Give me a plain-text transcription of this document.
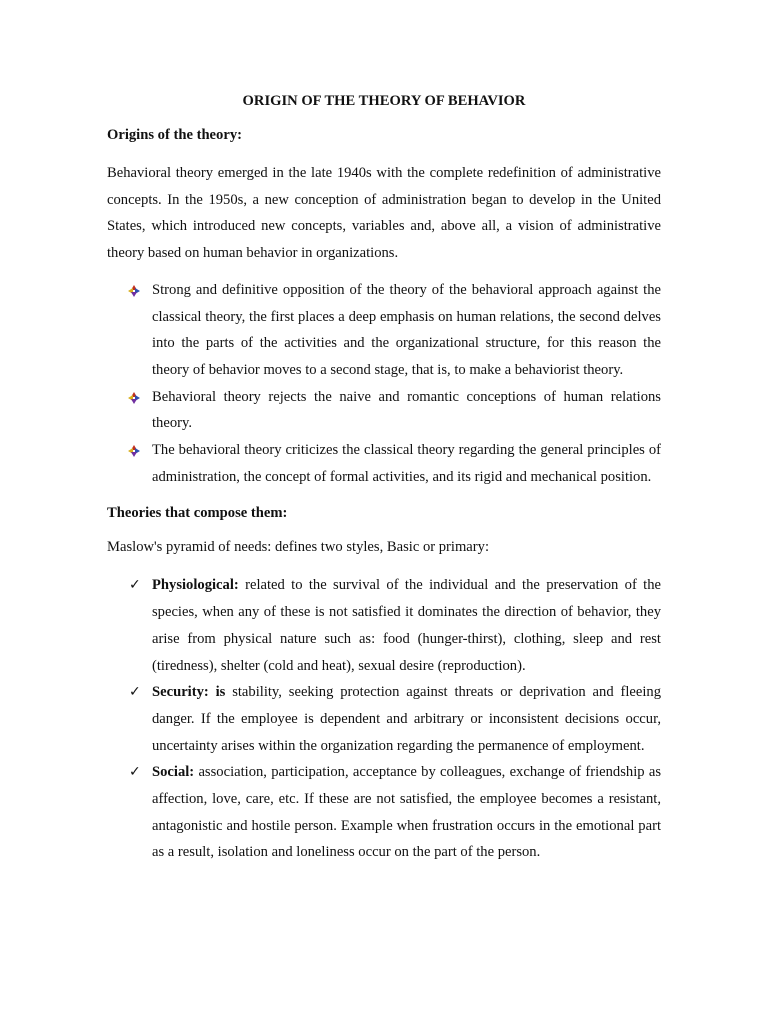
ORIGIN OF THE THEORY OF BEHAVIOR
Origins of the theory:

Behavioral theory emerged in the late 1940s with the complete redefinition of administrative concepts. In the 1950s, a new conception of administration began to develop in the United States, which introduced new concepts, variables and, above all, a vision of administrative theory based on human behavior in organizations.

Strong and definitive opposition of the theory of the behavioral approach against the classical theory, the first places a deep emphasis on human relations, the second delves into the parts of the activities and the organizational structure, for this reason the theory of behavior moves to a second stage, that is, to make a behaviorist theory.
Behavioral theory rejects the naive and romantic conceptions of human relations theory.
The behavioral theory criticizes the classical theory regarding the general principles of administration, the concept of formal activities, and its rigid and mechanical position.
Theories that compose them:
Maslow's pyramid of needs: defines two styles, Basic or primary:
✓ Physiological: related to the survival of the individual and the preservation of the species, when any of these is not satisfied it dominates the direction of behavior, they arise from physical nature such as: food (hunger-thirst), clothing, sleep and rest (tiredness), shelter (cold and heat), sexual desire (reproduction).
✓ Security: is stability, seeking protection against threats or deprivation and fleeing danger. If the employee is dependent and arbitrary or inconsistent decisions occur, uncertainty arises within the organization regarding the permanence of employment.
✓ Social: association, participation, acceptance by colleagues, exchange of friendship as affection, love, care, etc. If these are not satisfied, the employee becomes a resistant, antagonistic and hostile person. Example when frustration occurs in the emotional part as a result, isolation and loneliness occur on the part of the person.
